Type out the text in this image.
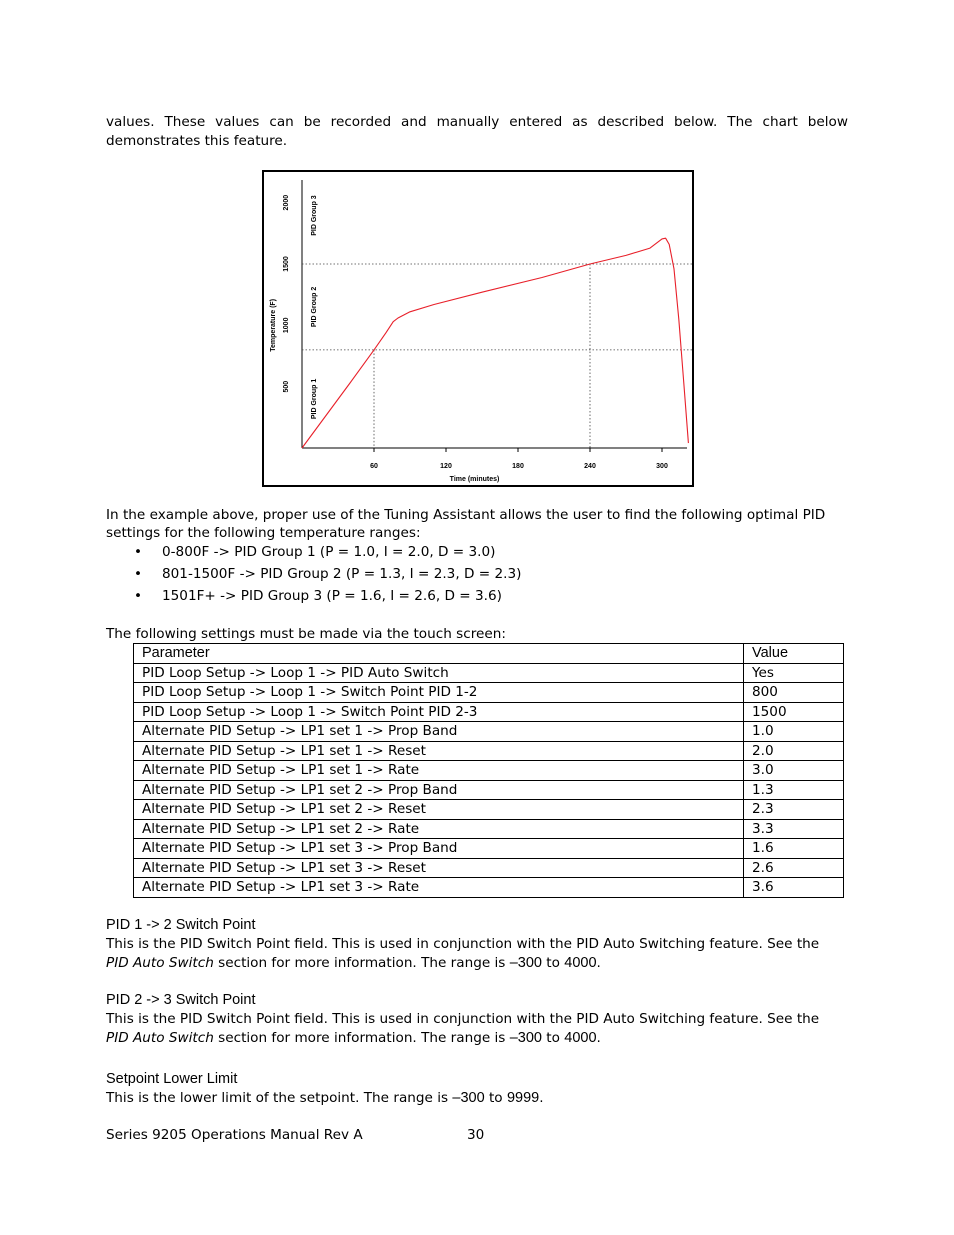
values. These values can be recorded and manually entered as described below. The chart below
demonstrates this feature.
60	120	180	240	300
500
1000
1500
2000
Time (minutes)
Temperature (F)
PID Group 1
PID Group 2
PID Group 3
In the example above, proper use of the Tuning Assistant allows the user to find the following optimal PID
settings for the following temperature ranges:
• 0-800F -> PID Group 1 (P = 1.0, I = 2.0, D = 3.0)
• 801-1500F -> PID Group 2 (P = 1.3, I = 2.3, D = 2.3)
• 1501F+ -> PID Group 3 (P = 1.6, I = 2.6, D = 3.6)
The following settings must be made via the touch screen:
Parameter	Value
PID Loop Setup -> Loop 1 -> PID Auto Switch	Yes
PID Loop Setup -> Loop 1 -> Switch Point PID 1-2	800
PID Loop Setup -> Loop 1 -> Switch Point PID 2-3	1500
Alternate PID Setup -> LP1 set 1 -> Prop Band	1.0
Alternate PID Setup -> LP1 set 1 -> Reset	2.0
Alternate PID Setup -> LP1 set 1 -> Rate	3.0
Alternate PID Setup -> LP1 set 2 -> Prop Band	1.3
Alternate PID Setup -> LP1 set 2 -> Reset	2.3
Alternate PID Setup -> LP1 set 2 -> Rate	3.3
Alternate PID Setup -> LP1 set 3 -> Prop Band	1.6
Alternate PID Setup -> LP1 set 3 -> Reset	2.6
Alternate PID Setup -> LP1 set 3 -> Rate	3.6
PID 1 -> 2 Switch Point
This is the PID Switch Point field. This is used in conjunction with the PID Auto Switching feature. See the
PID Auto Switch section for more information. The range is –300 to 4000.
PID 2 -> 3 Switch Point
This is the PID Switch Point field. This is used in conjunction with the PID Auto Switching feature. See the
PID Auto Switch section for more information. The range is –300 to 4000.
Setpoint Lower Limit
This is the lower limit of the setpoint. The range is –300 to 9999.
Series 9205 Operations Manual Rev A	30
